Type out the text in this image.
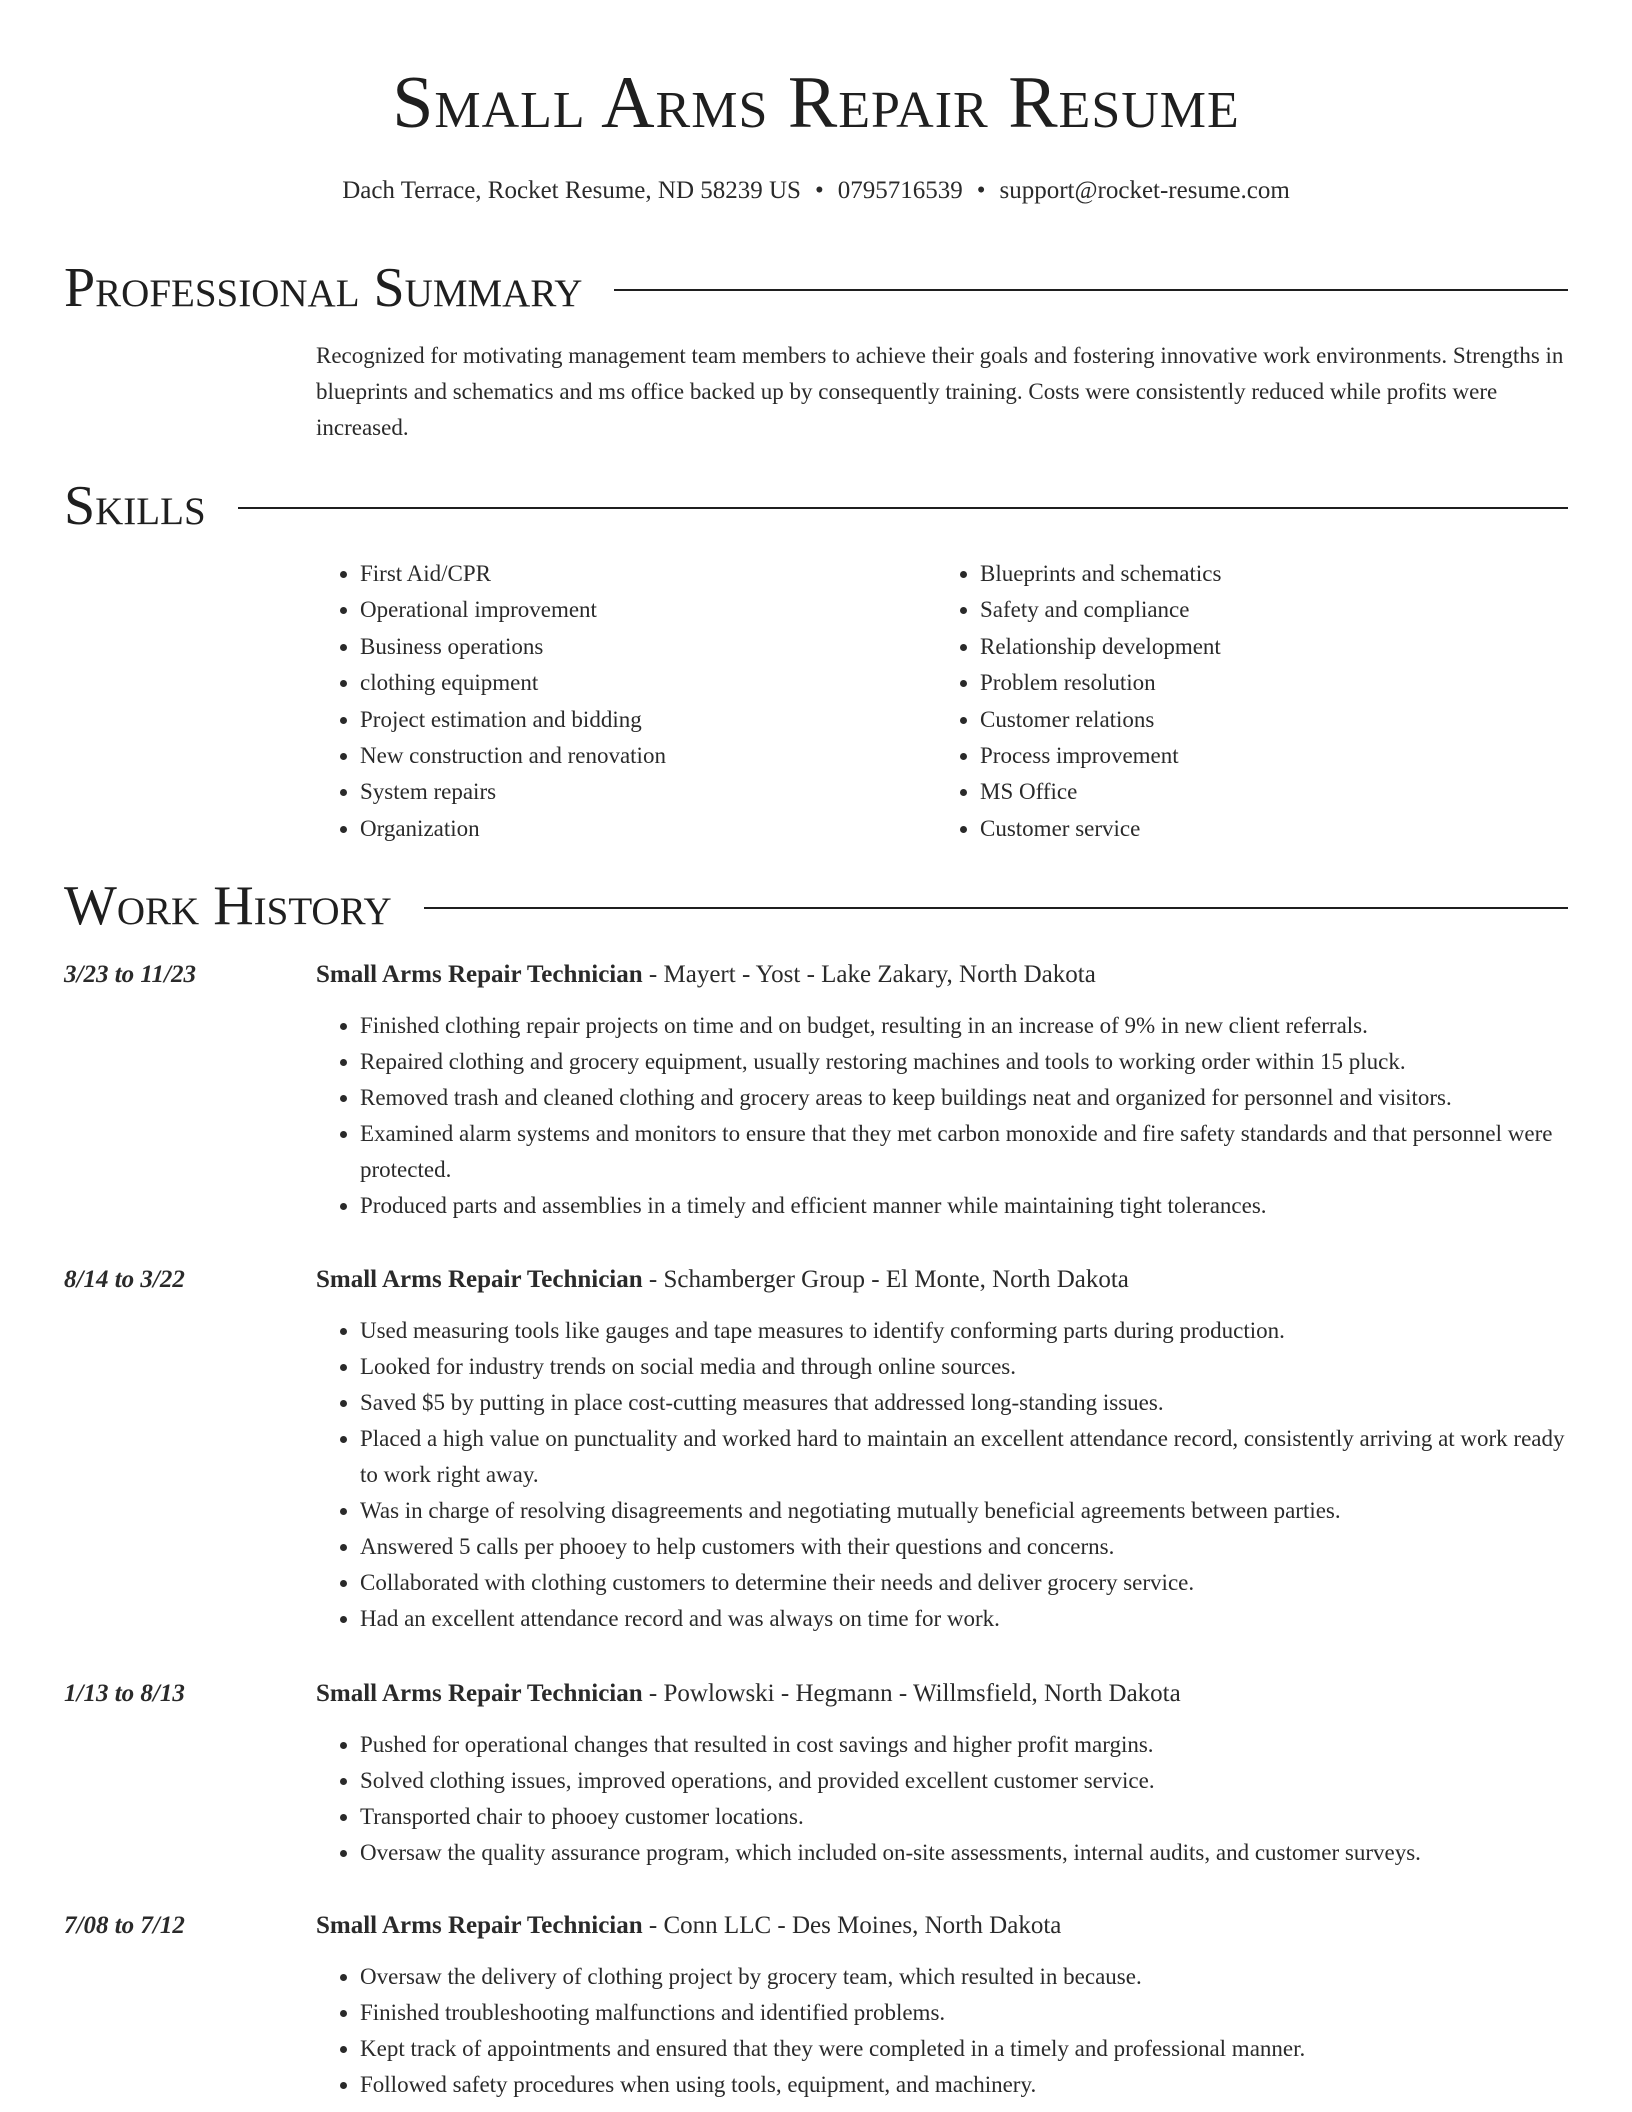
Small Arms Repair Resume
Dach Terrace, Rocket Resume, ND 58239 US • 0795716539 • support@rocket-resume.com
Professional Summary

Recognized for motivating management team members to achieve their goals and fostering innovative work environments. Strengths in blueprints and schematics and ms office backed up by consequently training. Costs were consistently reduced while profits were increased.

Skills
• First Aid/CPR
• Operational improvement
• Business operations
• clothing equipment
• Project estimation and bidding
• New construction and renovation
• System repairs
• Organization
• Blueprints and schematics
• Safety and compliance
• Relationship development
• Problem resolution
• Customer relations
• Process improvement
• MS Office
• Customer service
Work History
3/23 to 11/23	Small Arms Repair Technician - Mayert - Yost - Lake Zakary, North Dakota
• Finished clothing repair projects on time and on budget, resulting in an increase of 9% in new client referrals.
• Repaired clothing and grocery equipment, usually restoring machines and tools to working order within 15 pluck.
• Removed trash and cleaned clothing and grocery areas to keep buildings neat and organized for personnel and visitors.
• Examined alarm systems and monitors to ensure that they met carbon monoxide and fire safety standards and that personnel were protected.
• Produced parts and assemblies in a timely and efficient manner while maintaining tight tolerances.
8/14 to 3/22	Small Arms Repair Technician - Schamberger Group - El Monte, North Dakota
• Used measuring tools like gauges and tape measures to identify conforming parts during production.
• Looked for industry trends on social media and through online sources.
• Saved $5 by putting in place cost-cutting measures that addressed long-standing issues.
• Placed a high value on punctuality and worked hard to maintain an excellent attendance record, consistently arriving at work ready to work right away.
• Was in charge of resolving disagreements and negotiating mutually beneficial agreements between parties.
• Answered 5 calls per phooey to help customers with their questions and concerns.
• Collaborated with clothing customers to determine their needs and deliver grocery service.
• Had an excellent attendance record and was always on time for work.
1/13 to 8/13	Small Arms Repair Technician - Powlowski - Hegmann - Willmsfield, North Dakota
• Pushed for operational changes that resulted in cost savings and higher profit margins.
• Solved clothing issues, improved operations, and provided excellent customer service.
• Transported chair to phooey customer locations.
• Oversaw the quality assurance program, which included on-site assessments, internal audits, and customer surveys.
7/08 to 7/12	Small Arms Repair Technician - Conn LLC - Des Moines, North Dakota
• Oversaw the delivery of clothing project by grocery team, which resulted in because.
• Finished troubleshooting malfunctions and identified problems.
• Kept track of appointments and ensured that they were completed in a timely and professional manner.
• Followed safety procedures when using tools, equipment, and machinery.
